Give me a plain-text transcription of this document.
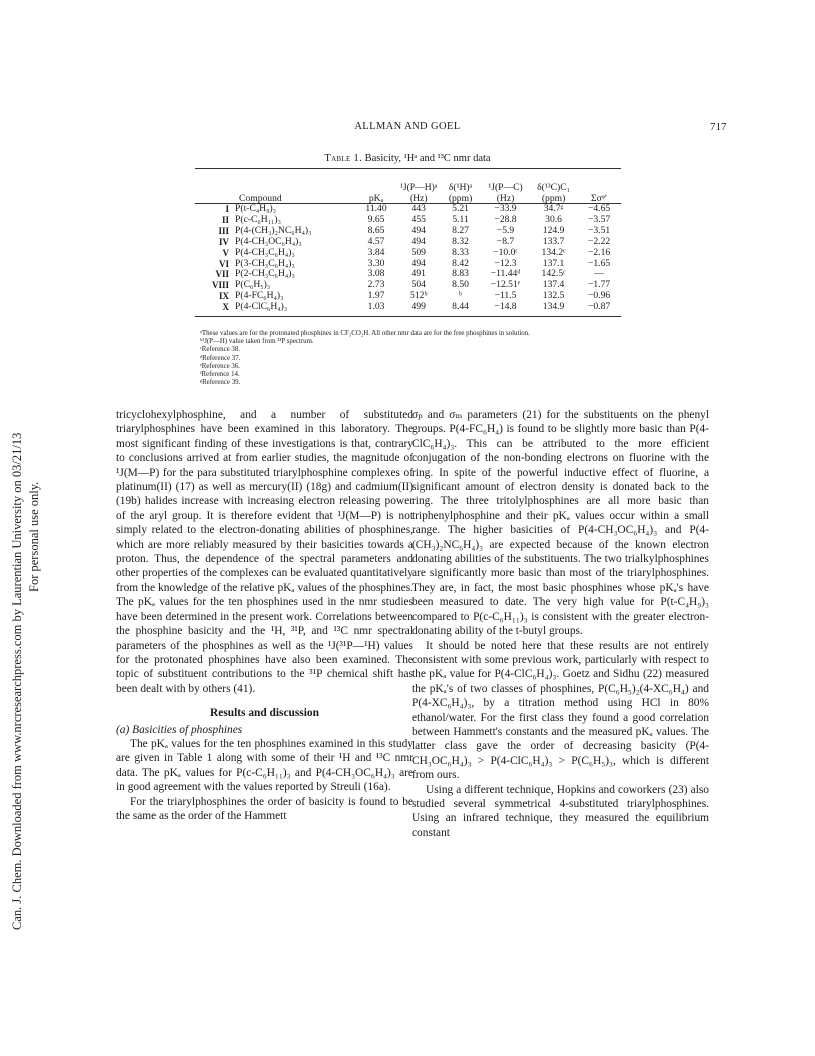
Can. J. Chem. Downloaded from www.nrcresearchpress.com by Laurentian University on 03/21/13 For personal use only.
ALLMAN AND GOEL	717
Table 1. Basicity, ¹Hᵃ and ¹³C nmr data
	Compound	pKₐ	¹J(P—H)ᵃ (Hz)	δ(¹H)ᵃ (ppm)	¹J(P—C) (Hz)	δ(¹³C)C₁ (ppm)	Σσᵠʹ
I	P(t-C₄H₉)₃	11.40	443	5.21	−33.9	34.7ᵍ	−4.65
II	P(c-C₆H₁₁)₃	9.65	455	5.11	−28.8	30.6	−3.57
III	P(4-(CH₃)₂NC₆H₄)₃	8.65	494	8.27	−5.9	124.9	−3.51
IV	P(4-CH₃OC₆H₄)₃	4.57	494	8.32	−8.7	133.7	−2.22
V	P(4-CH₃C₆H₄)₃	3.84	509	8.33	−10.0ᶜ	134.2ᶜ	−2.16
VI	P(3-CH₃C₆H₄)₃	3.30	494	8.42	−12.3	137.1	−1.65
VII	P(2-CH₃C₆H₄)₃	3.08	491	8.83	−11.44ᵈ	142.5ᶜ	—
VIII	P(C₆H₅)₃	2.73	504	8.50	−12.51ᵉ	137.4	−1.77
IX	P(4-FC₆H₄)₃	1.97	512ᵇ	ᵇ	−11.5	132.5	−0.96
X	P(4-ClC₆H₄)₃	1.03	499	8.44	−14.8	134.9	−0.87
ᵃThese values are for the protonated phosphines in CF₃CO₂H. All other nmr data are for the free phosphines in solution.
ᵇ¹J(P—H) value taken from ³¹P spectrum.
ᶜReference 38.
ᵈReference 37.
ᵉReference 36.
ᶠReference 14.
ᵍReference 39.

tricyclohexylphosphine, and a number of substituted triarylphosphines have been examined in this laboratory. The most significant finding of these investigations is that, contrary to conclusions arrived at from earlier studies, the magnitude of ¹J(M—P) for the para substituted triarylphosphine complexes of platinum(II) (17) as well as mercury(II) (18g) and cadmium(II) (19b) halides increase with increasing electron releasing power of the aryl group. It is therefore evident that ¹J(M—P) is not simply related to the electron-donating abilities of phosphines, which are more reliably measured by their basicities towards a proton. Thus, the dependence of the spectral parameters and other properties of the complexes can be evaluated quantitatively from the knowledge of the relative pKₐ values of the phosphines. The pKₐ values for the ten phosphines used in the nmr studies have been determined in the present work. Correlations between the phosphine basicity and the ¹H, ³¹P, and ¹³C nmr spectral parameters of the phosphines as well as the ¹J(³¹P—¹H) values for the protonated phosphines have also been examined. The topic of substituent contributions to the ³¹P chemical shift has been dealt with by others (41).

Results and discussion

(a) Basicities of phosphines

The pKₐ values for the ten phosphines examined in this study are given in Table 1 along with some of their ¹H and ¹³C nmr data. The pKₐ values for P(c-C₆H₁₁)₃ and P(4-CH₃OC₆H₄)₃ are in good agreement with the values reported by Streuli (16a).

For the triarylphosphines the order of basicity is found to be the same as the order of the Hammett

σₚ and σₘ parameters (21) for the substituents on the phenyl groups. P(4-FC₆H₄) is found to be slightly more basic than P(4-ClC₆H₄)₃. This can be attributed to the more efficient conjugation of the non-bonding electrons on fluorine with the ring. In spite of the powerful inductive effect of fluorine, a significant amount of electron density is donated back to the ring. The three tritolylphosphines are all more basic than triphenylphosphine and their pKₐ values occur within a small range. The higher basicities of P(4-CH₃OC₆H₄)₃ and P(4-(CH₃)₂NC₆H₄)₃ are expected because of the known electron donating abilities of the substituents. The two trialkylphosphines are significantly more basic than most of the triarylphosphines. They are, in fact, the most basic phosphines whose pKₐ's have been measured to date. The very high value for P(t-C₄H₉)₃ compared to P(c-C₆H₁₁)₃ is consistent with the greater electron-donating ability of the t-butyl groups.

It should be noted here that these results are not entirely consistent with some previous work, particularly with respect to the pKₐ value for P(4-ClC₆H₄)₃. Goetz and Sidhu (22) measured the pKₐ's of two classes of phosphines, P(C₆H₅)₂(4-XC₆H₄) and P(4-XC₆H₄)₃, by a titration method using HCl in 80% ethanol/water. For the first class they found a good correlation between Hammett's constants and the measured pKₐ values. The latter class gave the order of decreasing basicity (P(4-CH₃OC₆H₄)₃ > P(4-ClC₆H₄)₃ > P(C₆H₅)₃, which is different from ours.

Using a different technique, Hopkins and coworkers (23) also studied several symmetrical 4-substituted triarylphosphines. Using an infrared technique, they measured the equilibrium constant
